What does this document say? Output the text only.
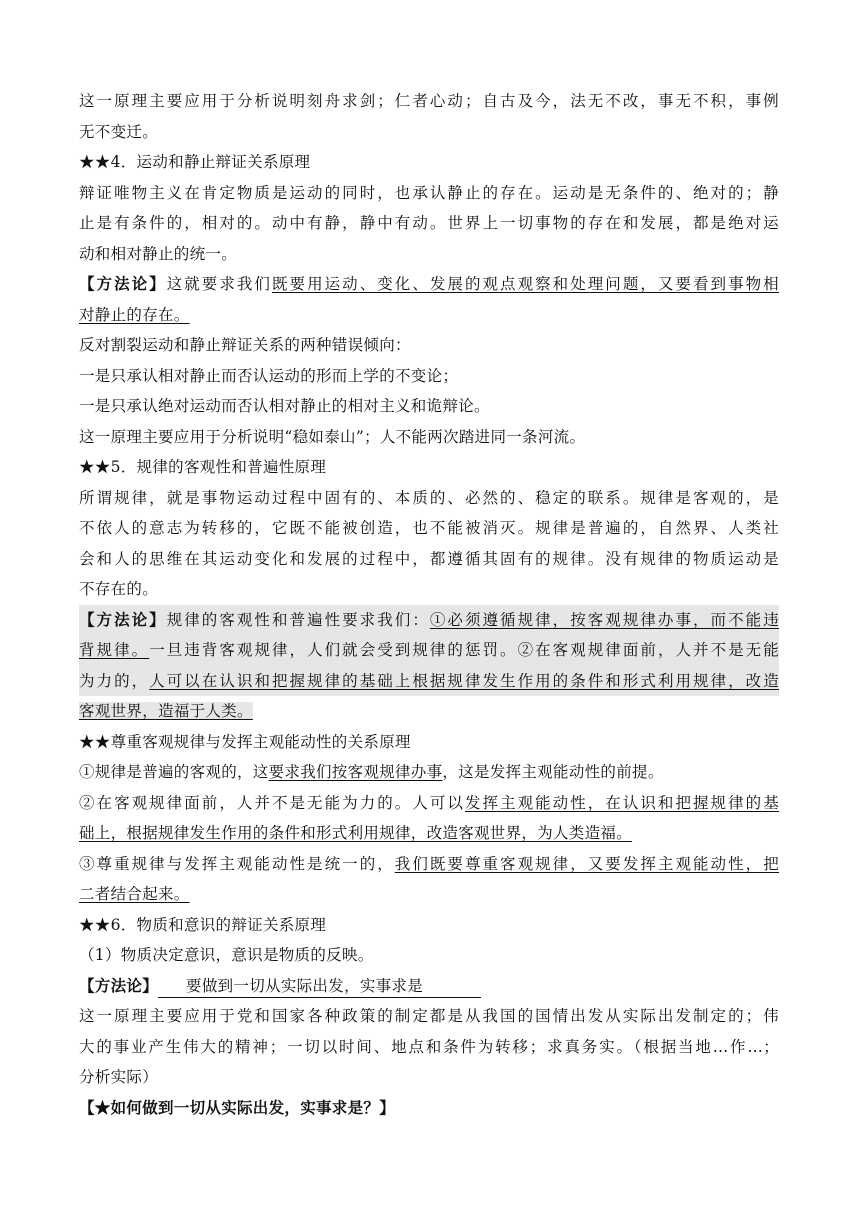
这一原理主要应用于分析说明刻舟求剑；仁者心动；自古及今，法无不改，事无不积，事例
无不变迁。
★★4．运动和静止辩证关系原理
辩证唯物主义在肯定物质是运动的同时，也承认静止的存在。运动是无条件的、绝对的；静
止是有条件的，相对的。动中有静，静中有动。世界上一切事物的存在和发展，都是绝对运
动和相对静止的统一。
【方法论】这就要求我们既要用运动、变化、发展的观点观察和处理问题，又要看到事物相
对静止的存在。
反对割裂运动和静止辩证关系的两种错误倾向：
一是只承认相对静止而否认运动的形而上学的不变论；
一是只承认绝对运动而否认相对静止的相对主义和诡辩论。
这一原理主要应用于分析说明“稳如泰山”；人不能两次踏进同一条河流。
★★5．规律的客观性和普遍性原理
所谓规律，就是事物运动过程中固有的、本质的、必然的、稳定的联系。规律是客观的，是
不依人的意志为转移的，它既不能被创造，也不能被消灭。规律是普遍的，自然界、人类社
会和人的思维在其运动变化和发展的过程中，都遵循其固有的规律。没有规律的物质运动是
不存在的。
【方法论】规律的客观性和普遍性要求我们：①必须遵循规律，按客观规律办事，而不能违
背规律。一旦违背客观规律，人们就会受到规律的惩罚。②在客观规律面前，人并不是无能
为力的，人可以在认识和把握规律的基础上根据规律发生作用的条件和形式利用规律，改造
客观世界，造福于人类。
★★尊重客观规律与发挥主观能动性的关系原理
①规律是普遍的客观的，这要求我们按客观规律办事，这是发挥主观能动性的前提。
②在客观规律面前，人并不是无能为力的。人可以发挥主观能动性，在认识和把握规律的基
础上，根据规律发生作用的条件和形式利用规律，改造客观世界，为人类造福。
③尊重规律与发挥主观能动性是统一的，我们既要尊重客观规律，又要发挥主观能动性，把
二者结合起来。
★★6．物质和意识的辩证关系原理
（1）物质决定意识，意识是物质的反映。
【方法论】 要做到一切从实际出发，实事求是
这一原理主要应用于党和国家各种政策的制定都是从我国的国情出发从实际出发制定的；伟
大的事业产生伟大的精神；一切以时间、地点和条件为转移；求真务实。（根据当地…作…；
分析实际）
【★如何做到一切从实际出发，实事求是？】
